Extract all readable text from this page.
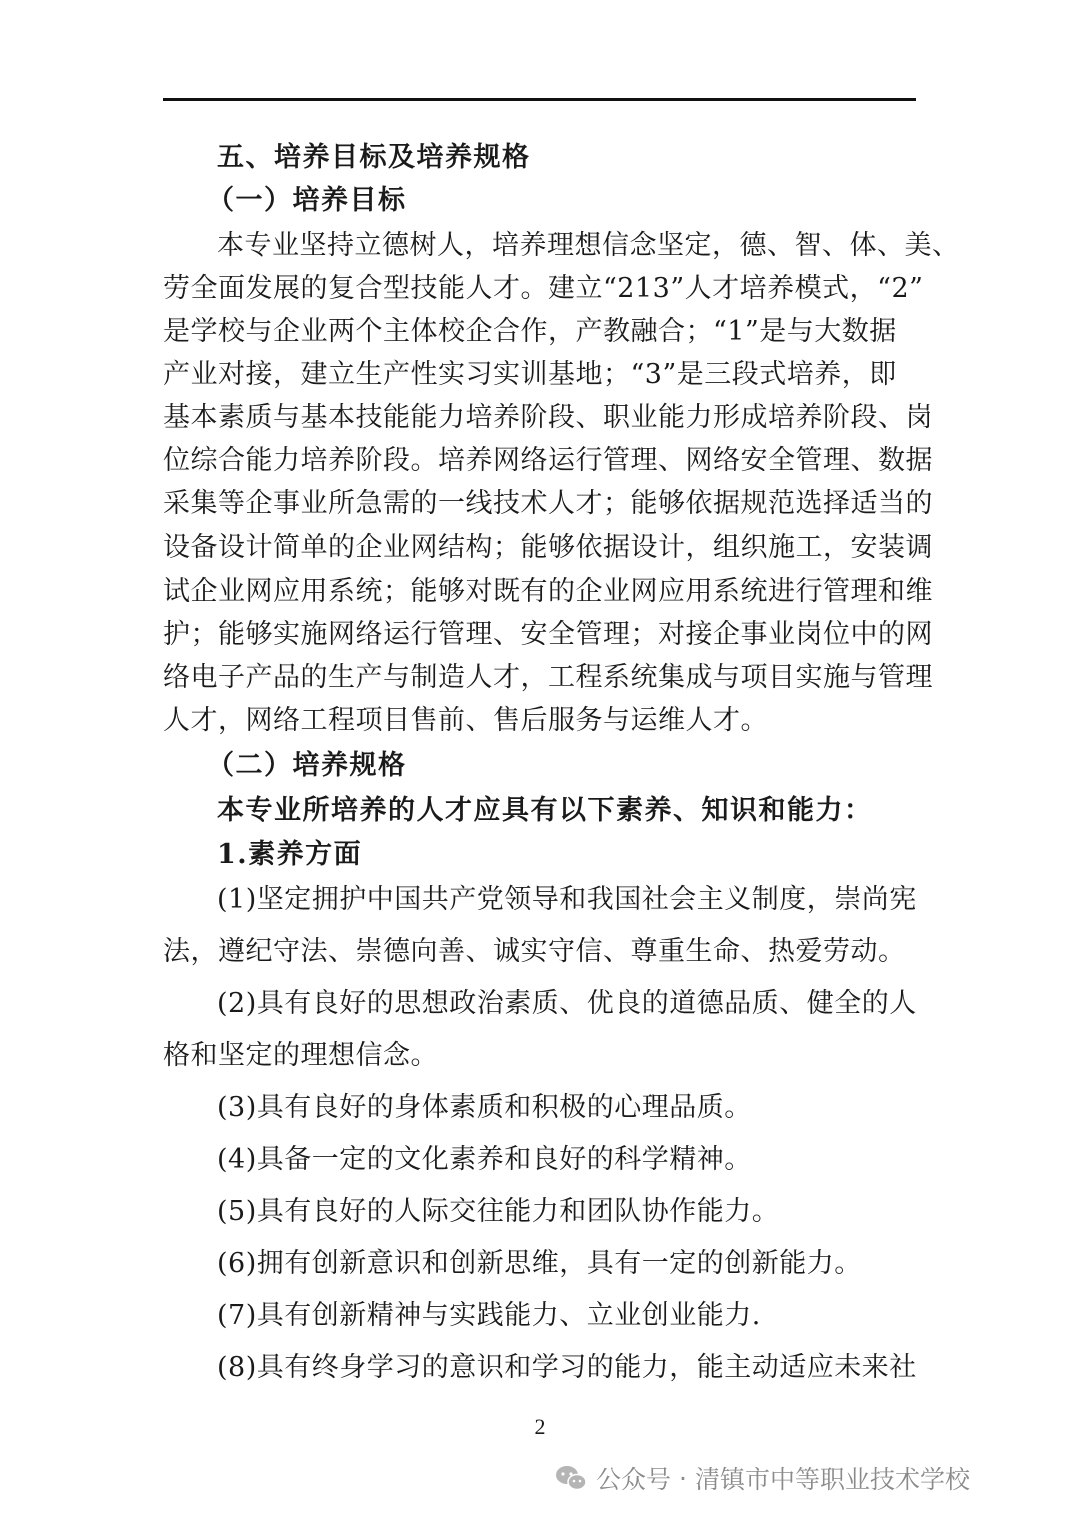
五、培养目标及培养规格
（一）培养目标
本专业坚持立德树人，培养理想信念坚定，德、智、体、美、
劳全面发展的复合型技能人才。建立“213”人才培养模式，“2”
是学校与企业两个主体校企合作，产教融合；“1”是与大数据
产业对接，建立生产性实习实训基地；“3”是三段式培养，即
基本素质与基本技能能力培养阶段、职业能力形成培养阶段、岗
位综合能力培养阶段。培养网络运行管理、网络安全管理、数据
采集等企事业所急需的一线技术人才；能够依据规范选择适当的
设备设计简单的企业网结构；能够依据设计，组织施工，安装调
试企业网应用系统；能够对既有的企业网应用系统进行管理和维
护；能够实施网络运行管理、安全管理；对接企事业岗位中的网
络电子产品的生产与制造人才，工程系统集成与项目实施与管理
人才，网络工程项目售前、售后服务与运维人才。
（二）培养规格
本专业所培养的人才应具有以下素养、知识和能力：
1.素养方面
(1)坚定拥护中国共产党领导和我国社会主义制度，崇尚宪
法，遵纪守法、崇德向善、诚实守信、尊重生命、热爱劳动。
(2)具有良好的思想政治素质、优良的道德品质、健全的人
格和坚定的理想信念。
(3)具有良好的身体素质和积极的心理品质。
(4)具备一定的文化素养和良好的科学精神。
(5)具有良好的人际交往能力和团队协作能力。
(6)拥有创新意识和创新思维，具有一定的创新能力。
(7)具有创新精神与实践能力、立业创业能力.
(8)具有终身学习的意识和学习的能力，能主动适应未来社
2
公众号 · 清镇市中等职业技术学校
